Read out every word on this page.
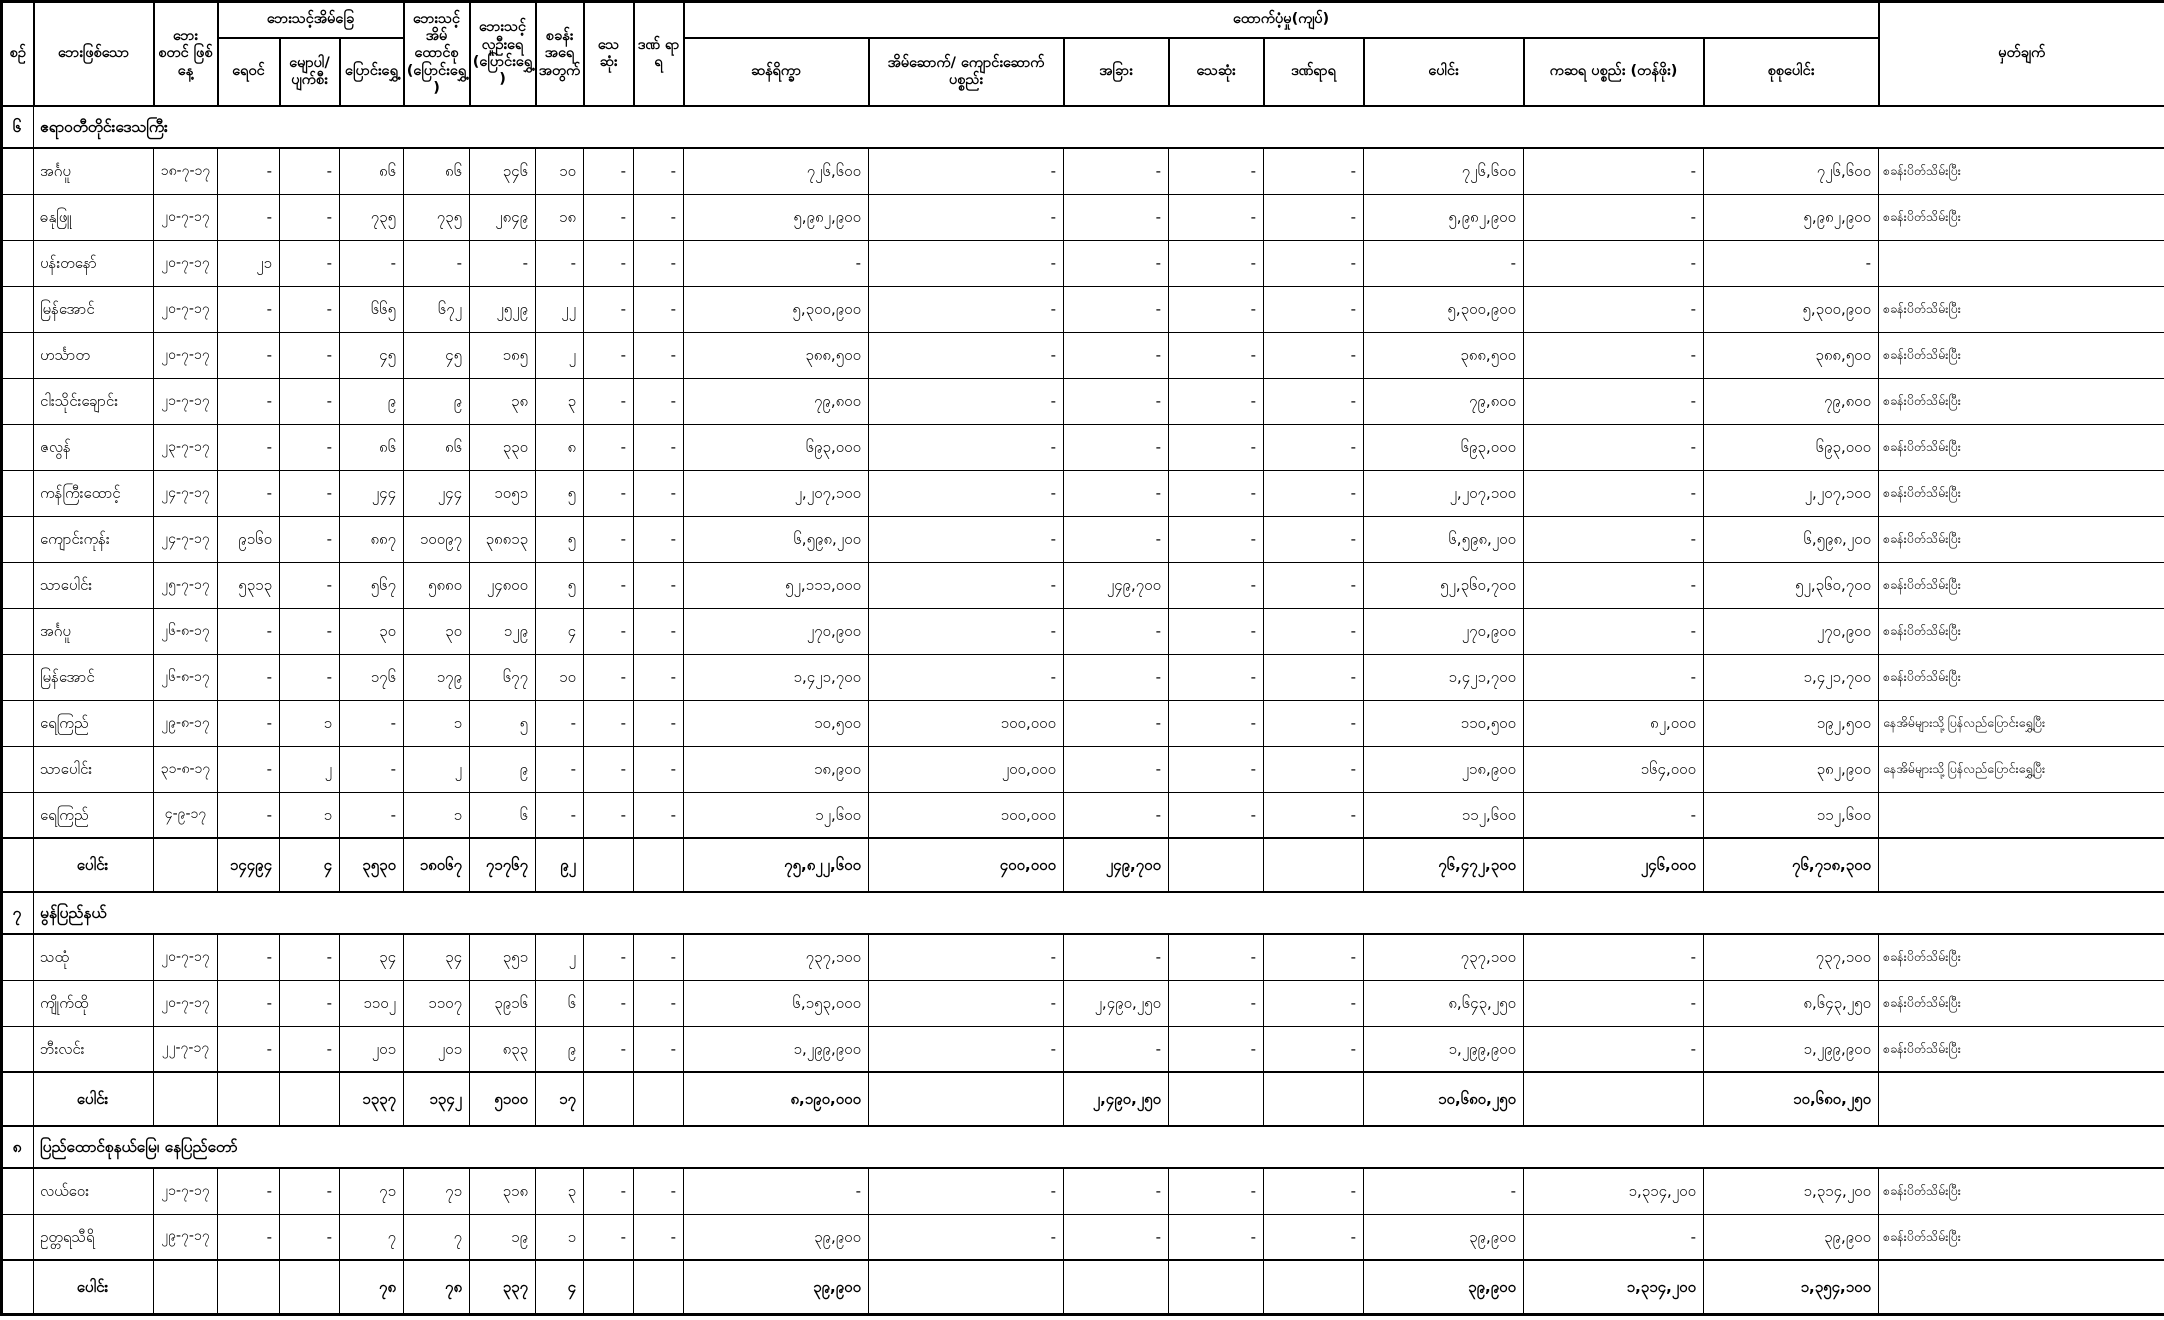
စဉ်	ဘေးဖြစ်သော	ဘေး စတင် ဖြစ်နေ့	ဘေးသင့်အိမ်ခြေ			ဘေးသင့် အိမ် ထောင်စု (ပြောင်းရွှေ့)	ဘေးသင့် လူဦးရေ (ပြောင်းရွှေ့)	စခန်း အရေ အတွက်	သေ ဆုံး	ဒဏ် ရာ ရ	ထောက်ပံ့မှု(ကျပ်)								မှတ်ချက်
			ရေဝင်	မျောပါ/ ပျက်စီး	ပြောင်းရွှေ့						ဆန်ရိက္ခာ	အိမ်ဆောက်/ ကျောင်းဆောက် ပစ္စည်း	အခြား	သေဆုံး	ဒဏ်ရာရ	ပေါင်း	ကဆရ ပစ္စည်း (တန်ဖိုး)	စုစုပေါင်း	
၆	ဧရာဝတီတိုင်းဒေသကြီး																		
	အင်္ဂပူ	၁၈-၇-၁၇	-	-	၈၆	၈၆	၃၄၆	၁၀	-	-	၇၂၆,၆၀၀	-	-	-	-	၇၂၆,၆၀၀	-	၇၂၆,၆၀၀	စခန်းပိတ်သိမ်းပြီး
	ဓနုဖြူ	၂၀-၇-၁၇	-	-	၇၃၅	၇၃၅	၂၈၄၉	၁၈	-	-	၅,၉၈၂,၉၀၀	-	-	-	-	၅,၉၈၂,၉၀၀	-	၅,၉၈၂,၉၀၀	စခန်းပိတ်သိမ်းပြီး
	ပန်းတနော်	၂၀-၇-၁၇	၂၁	-	-	-	-	-	-	-	-	-	-	-	-	-	-	-	
	မြန်အောင်	၂၀-၇-၁၇	-	-	၆၆၅	၆၇၂	၂၅၂၉	၂၂	-	-	၅,၃၀၀,၉၀၀	-	-	-	-	၅,၃၀၀,၉၀၀	-	၅,၃၀၀,၉၀၀	စခန်းပိတ်သိမ်းပြီး
	ဟင်္သာတ	၂၀-၇-၁၇	-	-	၄၅	၄၅	၁၈၅	၂	-	-	၃၈၈,၅၀၀	-	-	-	-	၃၈၈,၅၀၀	-	၃၈၈,၅၀၀	စခန်းပိတ်သိမ်းပြီး
	ငါးသိုင်းချောင်း	၂၁-၇-၁၇	-	-	၉	၉	၃၈	၃	-	-	၇၉,၈၀၀	-	-	-	-	၇၉,၈၀၀	-	၇၉,၈၀၀	စခန်းပိတ်သိမ်းပြီး
	ဇလွန်	၂၃-၇-၁၇	-	-	၈၆	၈၆	၃၃၀	၈	-	-	၆၉၃,၀၀၀	-	-	-	-	၆၉၃,၀၀၀	-	၆၉၃,၀၀၀	စခန်းပိတ်သိမ်းပြီး
	ကန်ကြီးထောင့်	၂၄-၇-၁၇	-	-	၂၄၄	၂၄၄	၁၀၅၁	၅	-	-	၂,၂၀၇,၁၀၀	-	-	-	-	၂,၂၀၇,၁၀၀	-	၂,၂၀၇,၁၀၀	စခန်းပိတ်သိမ်းပြီး
	ကျောင်းကုန်း	၂၄-၇-၁၇	၉၁၆၀	-	၈၈၇	၁၀၀၉၇	၃၈၈၁၃	၅	-	-	၆,၅၉၈,၂၀၀	-	-	-	-	၆,၅၉၈,၂၀၀	-	၆,၅၉၈,၂၀၀	စခန်းပိတ်သိမ်းပြီး
	သာပေါင်း	၂၅-၇-၁၇	၅၃၁၃	-	၅၆၇	၅၈၈၀	၂၄၈၀၀	၅	-	-	၅၂,၁၁၁,၀၀၀	-	၂၄၉,၇၀၀	-	-	၅၂,၃၆၀,၇၀၀	-	၅၂,၃၆၀,၇၀၀	စခန်းပိတ်သိမ်းပြီး
	အင်္ဂပူ	၂၆-၈-၁၇	-	-	၃၀	၃၀	၁၂၉	၄	-	-	၂၇၀,၉၀၀	-	-	-	-	၂၇၀,၉၀၀	-	၂၇၀,၉၀၀	စခန်းပိတ်သိမ်းပြီး
	မြန်အောင်	၂၆-၈-၁၇	-	-	၁၇၆	၁၇၉	၆၇၇	၁၀	-	-	၁,၄၂၁,၇၀၀	-	-	-	-	၁,၄၂၁,၇၀၀	-	၁,၄၂၁,၇၀၀	စခန်းပိတ်သိမ်းပြီး
	ရေကြည်	၂၉-၈-၁၇	-	၁	-	၁	၅	-	-	-	၁၀,၅၀၀	၁၀၀,၀၀၀	-	-	-	၁၁၀,၅၀၀	၈၂,၀၀၀	၁၉၂,၅၀၀	နေအိမ်များသို့ပြန်လည်ပြောင်းရွှေ့ပြီး
	သာပေါင်း	၃၁-၈-၁၇	-	၂	-	၂	၉	-	-	-	၁၈,၉၀၀	၂၀၀,၀၀၀	-	-	-	၂၁၈,၉၀၀	၁၆၄,၀၀၀	၃၈၂,၉၀၀	နေအိမ်များသို့ပြန်လည်ပြောင်းရွှေ့ပြီး
	ရေကြည်	၄-၉-၁၇	-	၁	-	၁	၆	-	-	-	၁၂,၆၀၀	၁၀၀,၀၀၀	-	-	-	၁၁၂,၆၀၀	-	၁၁၂,၆၀၀	
	ပေါင်း		၁၄၄၉၄	၄	၃၅၃၀	၁၈၀၆၇	၇၁၇၆၇	၉၂			၇၅,၈၂၂,၆၀၀	၄၀၀,၀၀၀	၂၄၉,၇၀၀			၇၆,၄၇၂,၃၀၀	၂၄၆,၀၀၀	၇၆,၇၁၈,၃၀၀	
၇	မွန်ပြည်နယ်																		
	သထုံ	၂၀-၇-၁၇	-	-	၃၄	၃၄	၃၅၁	၂	-	-	၇၃၇,၁၀၀	-	-	-	-	၇၃၇,၁၀၀	-	၇၃၇,၁၀၀	စခန်းပိတ်သိမ်းပြီး
	ကျိုက်ထို	၂၀-၇-၁၇	-	-	၁၁၀၂	၁၁၀၇	၃၉၁၆	၆	-	-	၆,၁၅၃,၀၀၀	-	၂,၄၉၀,၂၅၀	-	-	၈,၆၄၃,၂၅၀	-	၈,၆၄၃,၂၅၀	စခန်းပိတ်သိမ်းပြီး
	ဘီးလင်း	၂၂-၇-၁၇	-	-	၂၀၁	၂၀၁	၈၃၃	၉	-	-	၁,၂၉၉,၉၀၀	-	-	-	-	၁,၂၉၉,၉၀၀	-	၁,၂၉၉,၉၀၀	စခန်းပိတ်သိမ်းပြီး
	ပေါင်း				၁၃၃၇	၁၃၄၂	၅၁၀၀	၁၇			၈,၁၉၀,၀၀၀		၂,၄၉၀,၂၅၀			၁၀,၆၈၀,၂၅၀		၁၀,၆၈၀,၂၅၀	
၈	ပြည်ထောင်စုနယ်မြေ၊ နေပြည်တော်																		
	လယ်ဝေး	၂၁-၇-၁၇	-	-	၇၁	၇၁	၃၁၈	၃	-	-	-	-	-	-	-	-	၁,၃၁၄,၂၀၀	၁,၃၁၄,၂၀၀	စခန်းပိတ်သိမ်းပြီး
	ဥတ္တရသီရိ	၂၉-၇-၁၇	-	-	၇	၇	၁၉	၁	-	-	၃၉,၉၀၀	-	-	-	-	၃၉,၉၀၀	-	၃၉,၉၀၀	စခန်းပိတ်သိမ်းပြီး
	ပေါင်း				၇၈	၇၈	၃၃၇	၄			၃၉,၉၀၀					၃၉,၉၀၀	၁,၃၁၄,၂၀၀	၁,၃၅၄,၁၀၀	
